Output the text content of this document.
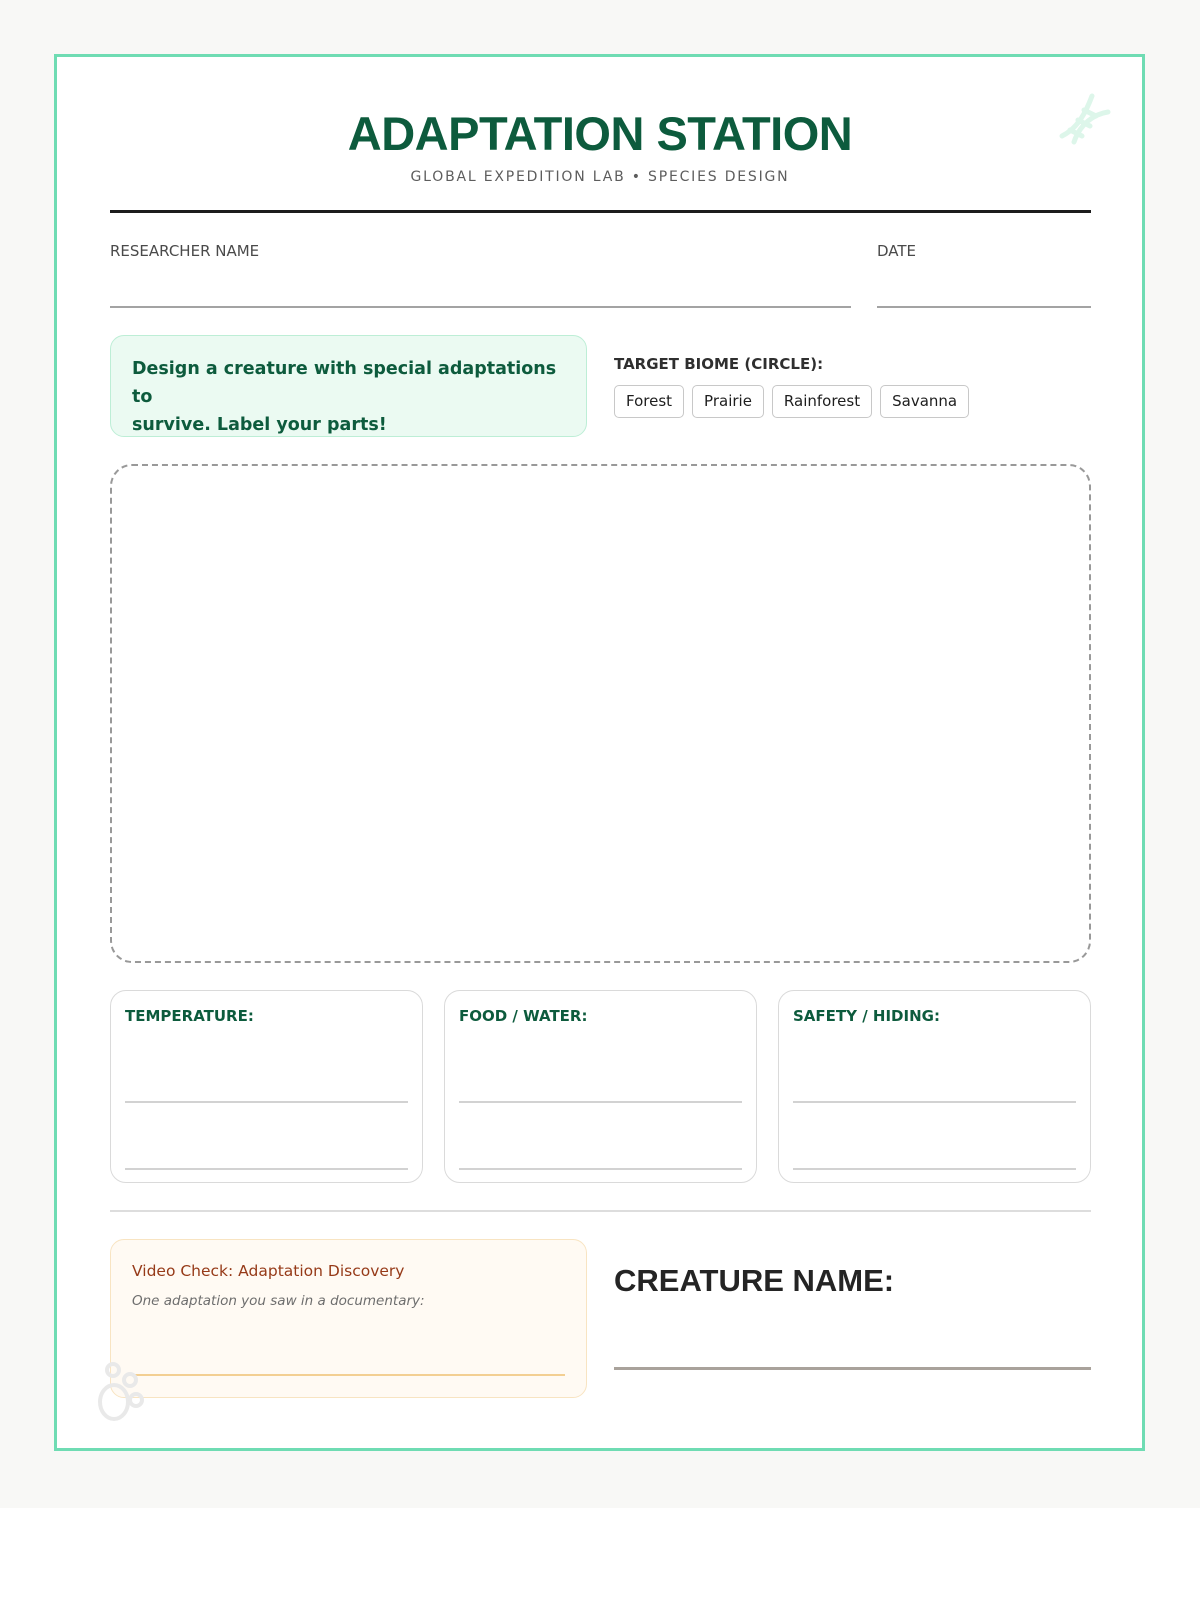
ADAPTATION STATION
GLOBAL EXPEDITION LAB • SPECIES DESIGN
RESEARCHER NAME	DATE
Design a creature with special adaptations to
survive. Label your parts!
TARGET BIOME (CIRCLE):
Forest	Prairie	Rainforest	Savanna
TEMPERATURE:	FOOD / WATER:	SAFETY / HIDING:
Video Check: Adaptation Discovery
One adaptation you saw in a documentary:
CREATURE NAME:
